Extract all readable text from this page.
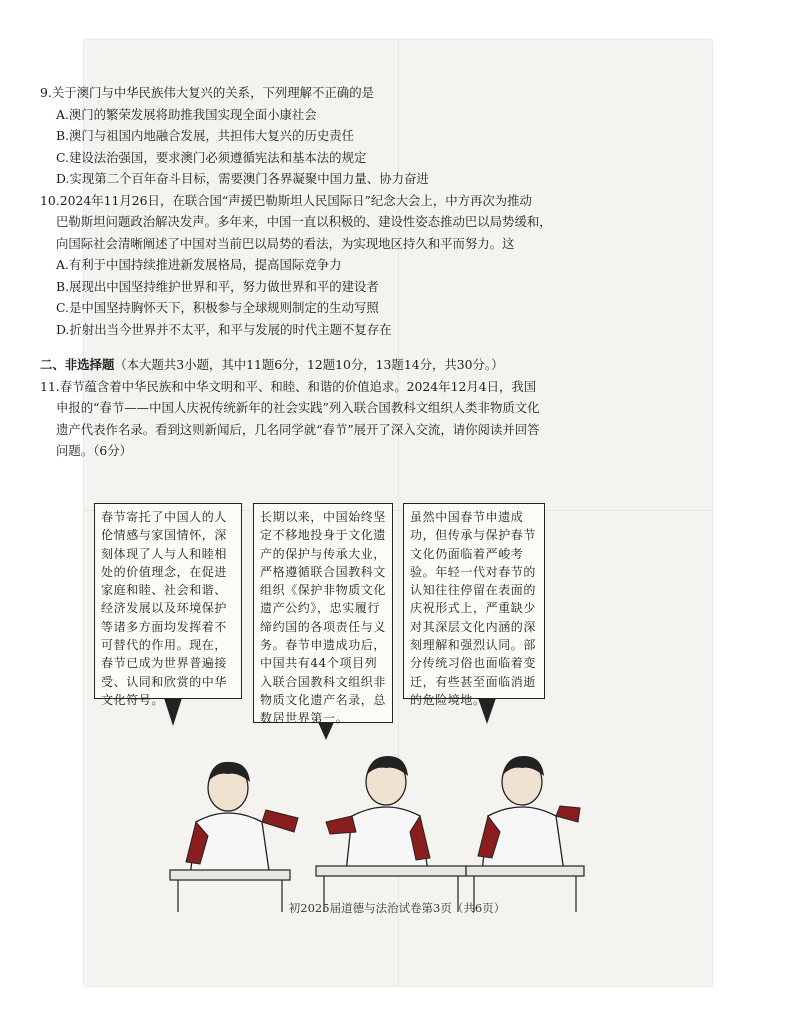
9.关于澳门与中华民族伟大复兴的关系，下列理解不正确的是

A.澳门的繁荣发展将助推我国实现全面小康社会

B.澳门与祖国内地融合发展，共担伟大复兴的历史责任

C.建设法治强国，要求澳门必须遵循宪法和基本法的规定

D.实现第二个百年奋斗目标，需要澳门各界凝聚中国力量、协力奋进

10.2024年11月26日，在联合国“声援巴勒斯坦人民国际日”纪念大会上，中方再次为推动

巴勒斯坦问题政治解决发声。多年来，中国一直以积极的、建设性姿态推动巴以局势缓和，

向国际社会清晰阐述了中国对当前巴以局势的看法，为实现地区持久和平而努力。这

A.有利于中国持续推进新发展格局，提高国际竞争力

B.展现出中国坚持维护世界和平，努力做世界和平的建设者

C.是中国坚持胸怀天下，积极参与全球规则制定的生动写照

D.折射出当今世界并不太平，和平与发展的时代主题不复存在

二、非选择题（本大题共3小题，其中11题6分，12题10分，13题14分，共30分。）

11.春节蕴含着中华民族和中华文明和平、和睦、和谐的价值追求。2024年12月4日，我国

申报的“春节——中国人庆祝传统新年的社会实践”列入联合国教科文组织人类非物质文化

遗产代表作名录。看到这则新闻后，几名同学就“春节”展开了深入交流，请你阅读并回答

问题。（6分）

春节寄托了中国人的人伦情感与家国情怀，深刻体现了人与人和睦相处的价值理念，在促进家庭和睦、社会和谐、经济发展以及环境保护等诸多方面均发挥着不可替代的作用。现在，春节已成为世界普遍接受、认同和欣赏的中华文化符号。
长期以来，中国始终坚定不移地投身于文化遗产的保护与传承大业，严格遵循联合国教科文组织《保护非物质文化遗产公约》，忠实履行缔约国的各项责任与义务。春节申遗成功后，中国共有44个项目列入联合国教科文组织非物质文化遗产名录，总数居世界第一。
虽然中国春节申遗成功，但传承与保护春节文化仍面临着严峻考验。年轻一代对春节的认知往往停留在表面的庆祝形式上，严重缺少对其深层文化内涵的深刻理解和强烈认同。部分传统习俗也面临着变迁，有些甚至面临消逝的危险境地。
初2025届道德与法治试卷第3页（共6页）
